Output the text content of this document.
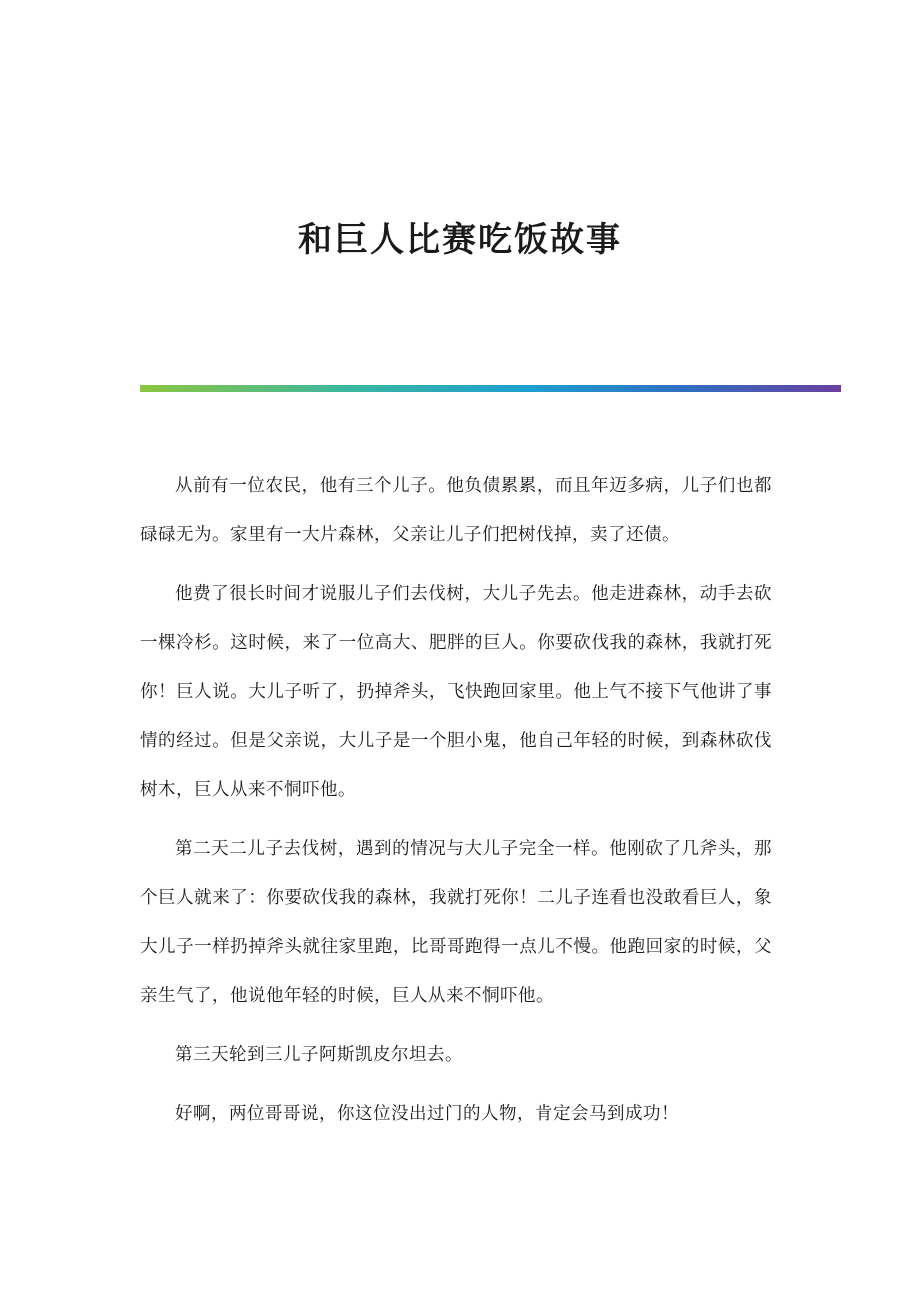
和巨人比赛吃饭故事

从前有一位农民，他有三个儿子。他负债累累，而且年迈多病，儿子们也都碌碌无为。家里有一大片森林，父亲让儿子们把树伐掉，卖了还债。

他费了很长时间才说服儿子们去伐树，大儿子先去。他走进森林，动手去砍一棵冷杉。这时候，来了一位高大、肥胖的巨人。你要砍伐我的森林，我就打死你！巨人说。大儿子听了，扔掉斧头，飞快跑回家里。他上气不接下气他讲了事情的经过。但是父亲说，大儿子是一个胆小鬼，他自己年轻的时候，到森林砍伐树木，巨人从来不恫吓他。

第二天二儿子去伐树，遇到的情况与大儿子完全一样。他刚砍了几斧头，那个巨人就来了：你要砍伐我的森林，我就打死你！二儿子连看也没敢看巨人，象大儿子一样扔掉斧头就往家里跑，比哥哥跑得一点儿不慢。他跑回家的时候，父亲生气了，他说他年轻的时候，巨人从来不恫吓他。

第三天轮到三儿子阿斯凯皮尔坦去。

好啊，两位哥哥说，你这位没出过门的人物，肯定会马到成功！
